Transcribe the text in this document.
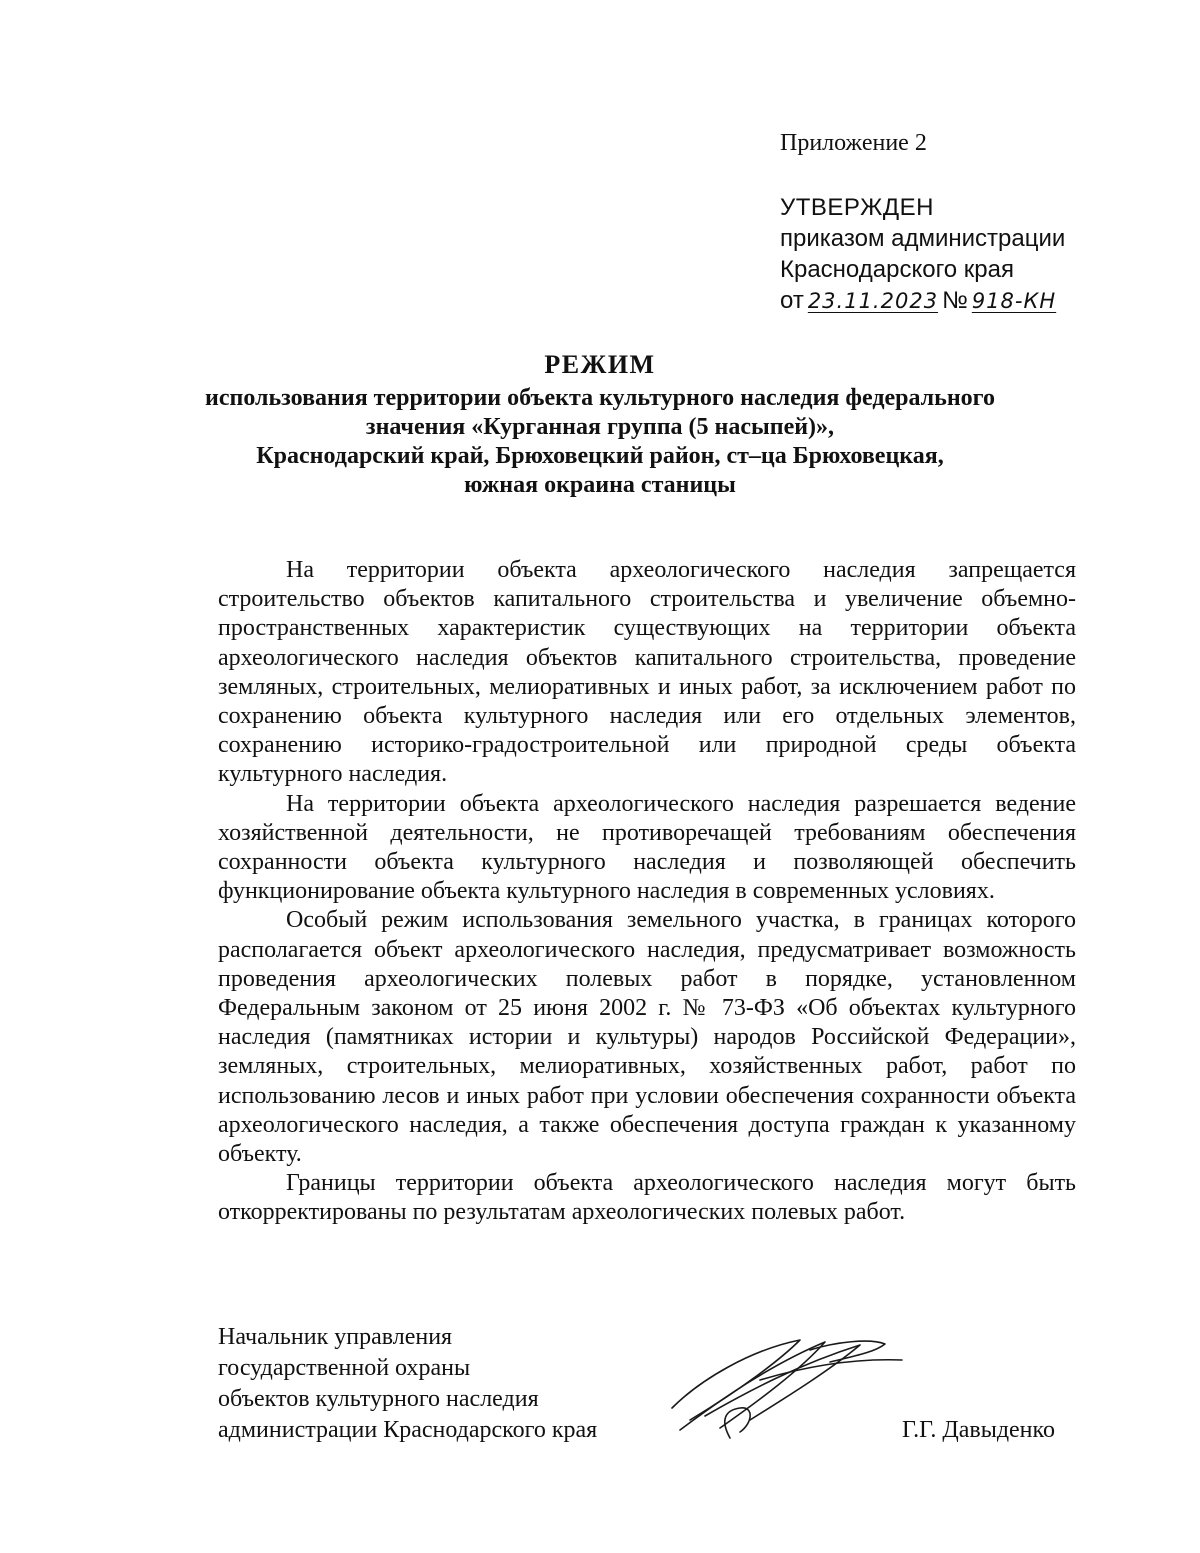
Приложение 2
УТВЕРЖДЕН
приказом администрации
Краснодарского края
от 23.11.2023 № 918-КН
РЕЖИМ
использования территории объекта культурного наследия федерального
значения «Курганная группа (5 насыпей)»,
Краснодарский край, Брюховецкий район, ст–ца Брюховецкая,
южная окраина станицы

На территории объекта археологического наследия запрещается строительство объектов капитального строительства и увеличение объемно-пространственных характеристик существующих на территории объекта археологического наследия объектов капитального строительства, проведение земляных, строительных, мелиоративных и иных работ, за исключением работ по сохранению объекта культурного наследия или его отдельных элементов, сохранению историко-градостроительной или природной среды объекта культурного наследия.

На территории объекта археологического наследия разрешается ведение хозяйственной деятельности, не противоречащей требованиям обеспечения сохранности объекта культурного наследия и позволяющей обеспечить функционирование объекта культурного наследия в современных условиях.

Особый режим использования земельного участка, в границах которого располагается объект археологического наследия, предусматривает возможность проведения археологических полевых работ в порядке, установленном Федеральным законом от 25 июня 2002 г. № 73-ФЗ «Об объектах культурного наследия (памятниках истории и культуры) народов Российской Федерации», земляных, строительных, мелиоративных, хозяйственных работ, работ по использованию лесов и иных работ при условии обеспечения сохранности объекта археологического наследия, а также обеспечения доступа граждан к указанному объекту.

Границы территории объекта археологического наследия могут быть откорректированы по результатам археологических полевых работ.

Начальник управления
государственной охраны
объектов культурного наследия
администрации Краснодарского края	Г.Г. Давыденко
